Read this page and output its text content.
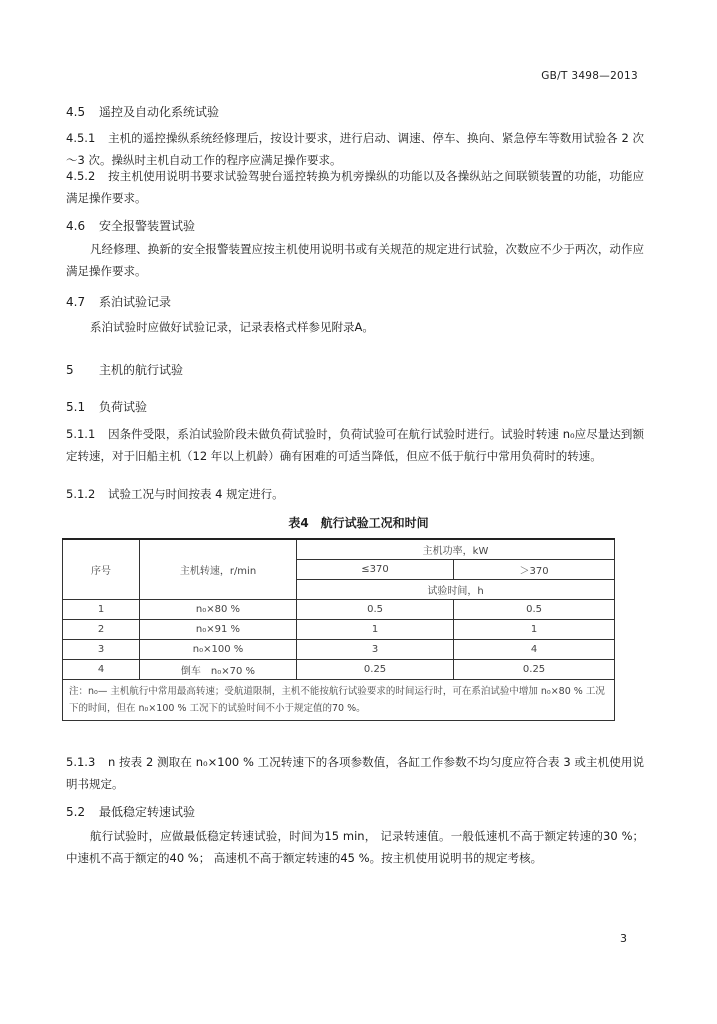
GB/T 3498—2013
4.5 遥控及自动化系统试验
4.5.1 主机的遥控操纵系统经修理后，按设计要求，进行启动、调速、停车、换向、紧急停车等数用试验各 2 次～3 次。操纵时主机自动工作的程序应满足操作要求。
4.5.2 按主机使用说明书要求试验驾驶台遥控转换为机旁操纵的功能以及各操纵站之间联锁装置的功能，功能应满足操作要求。
4.6 安全报警装置试验
凡经修理、换新的安全报警装置应按主机使用说明书或有关规范的规定进行试验，次数应不少于两次，动作应满足操作要求。
4.7 系泊试验记录
系泊试验时应做好试验记录，记录表格式样参见附录A。
5 主机的航行试验
5.1 负荷试验
5.1.1 因条件受限，系泊试验阶段未做负荷试验时，负荷试验可在航行试验时进行。试验时转速 n₀应尽量达到额定转速，对于旧船主机（12 年以上机龄）确有困难的可适当降低，但应不低于航行中常用负荷时的转速。
5.1.2 试验工况与时间按表 4 规定进行。
表4　航行试验工况和时间
序号	主机转速，r/min	主机功率，kW	
		≤370	＞370
		试验时间，h	
1	n₀×80 %	0.5	0.5
2	n₀×91 %	1	1
3	n₀×100 %	3	4
4	倒车　n₀×70 %	0.25	0.25
注：n₀— 主机航行中常用最高转速；受航道限制，主机不能按航行试验要求的时间运行时，可在系泊试验中增加 n₀×80 % 工况下的时间，但在 n₀×100 % 工况下的试验时间不小于规定值的70 %。			
5.1.3 n 按表 2 测取在 n₀×100 % 工况转速下的各项参数值，各缸工作参数不均匀度应符合表 3 或主机使用说明书规定。
5.2 最低稳定转速试验
航行试验时，应做最低稳定转速试验，时间为15 min， 记录转速值。一般低速机不高于额定转速的30 %； 中速机不高于额定的40 %； 高速机不高于额定转速的45 %。按主机使用说明书的规定考核。
3
